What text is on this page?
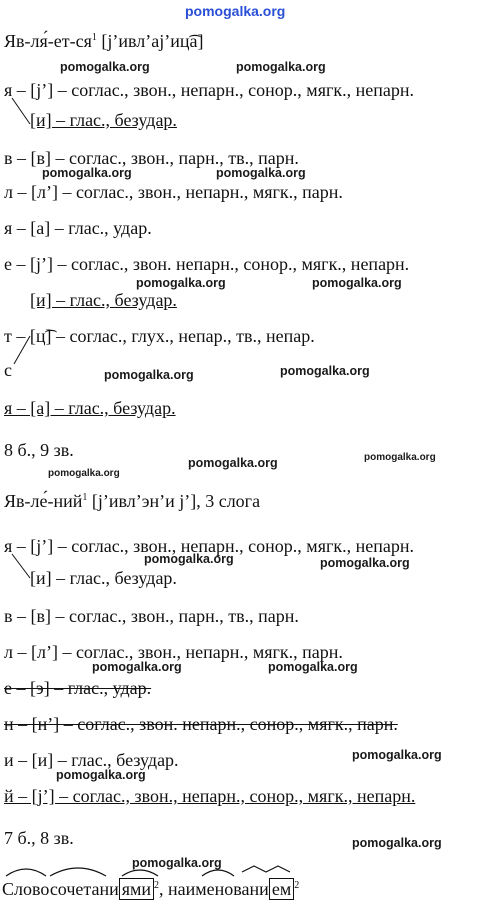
pomogalka.org
$Яв-ля́-ет-ся^1$ [j’ивл’аj’иц͡а]
я – [j’] – соглас., звон., непарн., сонор., мягк., непарн.
[и] – глас., безудар.
в – [в] – соглас., звон., парн., тв., парн.
л – [л’] – соглас., звон., непарн., мягк., парн.
я – [а] – глас., удар.
е – [j’] – соглас., звон. непарн., сонор., мягк., непарн.
[и] – глас., безудар.
т – [ц͡] – соглас., глух., непар., тв., непар.
с
я – [а] – глас., безудар.
8 б., 9 зв.
Яв-ле́-ний$^1$ [j’ивл’эн’и j’], 3 слога
я – [j’] – соглас., звон., непарн., сонор., мягк., непарн.
[и] – глас., безудар.
в – [в] – соглас., звон., парн., тв., парн.
л – [л’] – соглас., звон., непарн., мягк., парн.
е – [э] – глас., удар.
н – [н’] – соглас., звон. непарн., сонор., мягк., парн.
и – [и] – глас., безудар.
й – [j’] – соглас., звон., непарн., сонор., мягк., непарн.
7 б., 8 зв.
Словосочетани ями $^2$, наименовани ем $^2$
pomogalka.org	pomogalka.org
pomogalka.org	pomogalka.org
pomogalka.org	pomogalka.org
pomogalka.org	pomogalka.org
pomogalka.org
pomogalka.org	pomogalka.org
pomogalka.org	pomogalka.org
pomogalka.org	pomogalka.org
pomogalka.org
pomogalka.org
pomogalka.org
pomogalka.org
